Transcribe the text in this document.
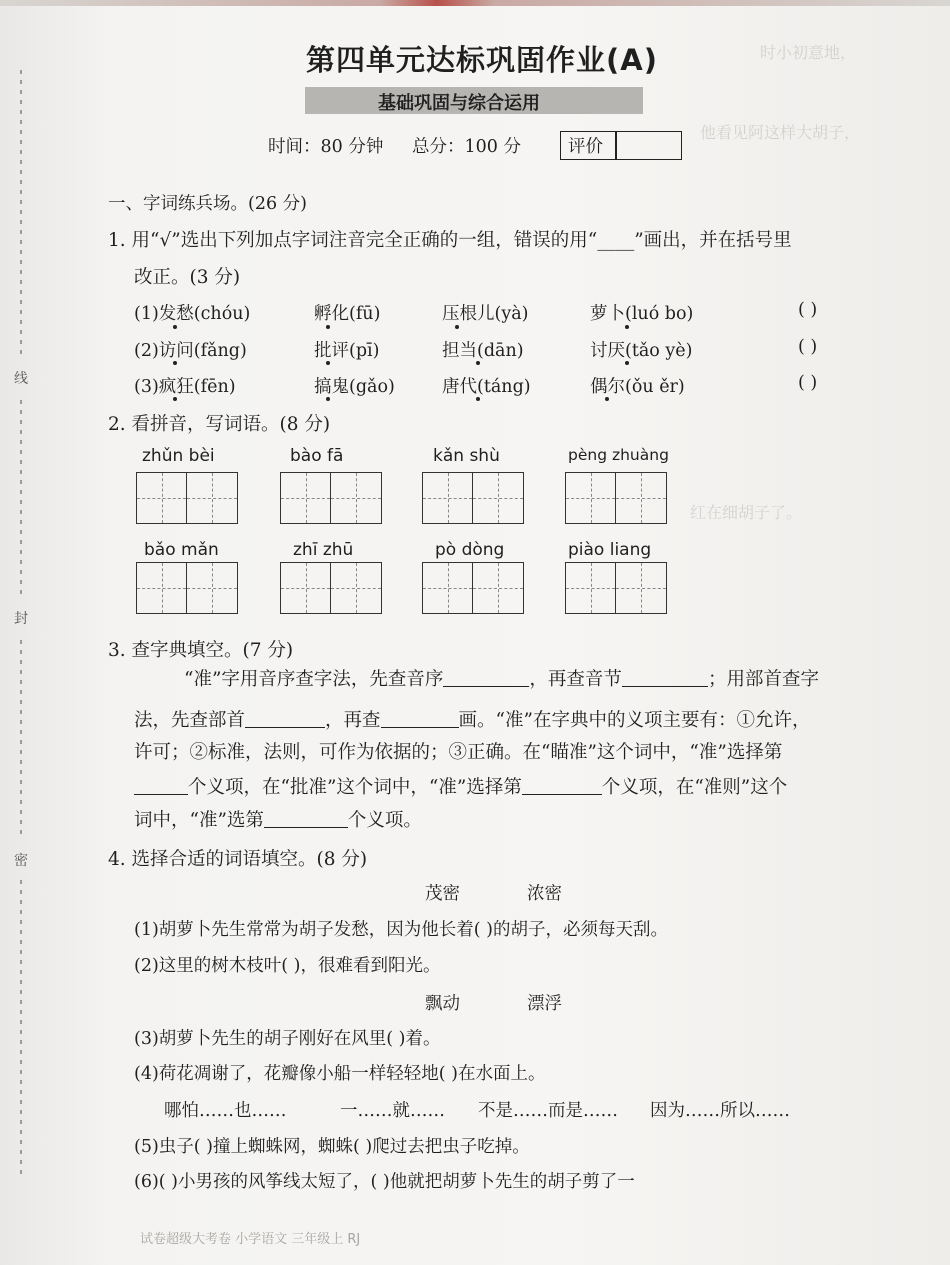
时小初意地，
他看见阿这样大胡子，
红在细胡子了。
线
封
密
第四单元达标巩固作业(A)
基础巩固与综合运用
时间：80 分钟 总分：100 分	评价
一、字词练兵场。(26 分)
1. 用“√”选出下列加点字词注音完全正确的一组，错误的用“____”画出，并在括号里
改正。(3 分)
(1)发愁(chóu)	孵化(fū)	压根儿(yà)	萝卜(luó bo)	( )
(2)访问(fǎng)	批评(pī)	担当(dān)	讨厌(tǎo yè)	( )
(3)疯狂(fēn)	搞鬼(gǎo)	唐代(táng)	偶尔(ǒu ěr)	( )
2. 看拼音，写词语。(8 分)
zhǔn bèi	bào fā	kǎn shù	pèng zhuàng
bǎo mǎn	zhī zhū	pò dòng	piào liang
3. 查字典填空。(7 分)
“准”字用音序查字法，先查音序	，再查音节	；用部首查字
法，先查部首	，再查	画。“准”在字典中的义项主要有：①允许，
许可；②标准，法则，可作为依据的；③正确。在“瞄准”这个词中，“准”选择第
个义项，在“批准”这个词中，“准”选择第	个义项，在“准则”这个
词中，“准”选第	个义项。
4. 选择合适的词语填空。(8 分)
茂密	浓密
(1)胡萝卜先生常常为胡子发愁，因为他长着( )的胡子，必须每天刮。
(2)这里的树木枝叶( )，很难看到阳光。
飘动	漂浮
(3)胡萝卜先生的胡子刚好在风里( )着。
(4)荷花凋谢了，花瓣像小船一样轻轻地( )在水面上。
哪怕……也……	一……就…… 不是……而是…… 因为……所以……
(5)虫子( )撞上蜘蛛网，蜘蛛( )爬过去把虫子吃掉。
(6)( )小男孩的风筝线太短了，( )他就把胡萝卜先生的胡子剪了一
试卷超级大考卷 小学语文 三年级上 RJ
